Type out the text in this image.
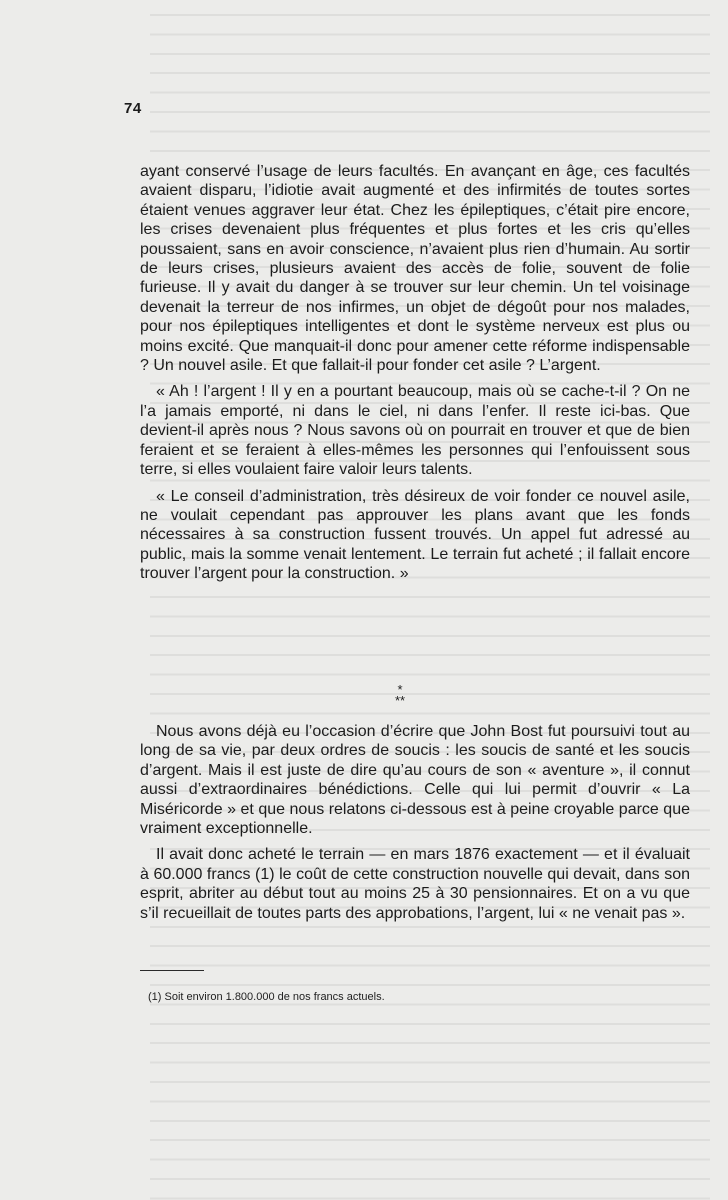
74

ayant conservé l’usage de leurs facultés. En avançant en âge, ces facultés avaient disparu, l’idiotie avait augmenté et des infirmités de toutes sortes étaient venues aggraver leur état. Chez les épileptiques, c’était pire encore, les crises devenaient plus fréquentes et plus fortes et les cris qu’elles poussaient, sans en avoir conscience, n’avaient plus rien d’humain. Au sortir de leurs crises, plusieurs avaient des accès de folie, souvent de folie furieuse. Il y avait du danger à se trouver sur leur chemin. Un tel voisinage devenait la terreur de nos infirmes, un objet de dégoût pour nos malades, pour nos épileptiques intelligentes et dont le système nerveux est plus ou moins excité. Que manquait-il donc pour amener cette réforme indispensable ? Un nouvel asile. Et que fallait-il pour fonder cet asile ? L’argent.

« Ah ! l’argent ! Il y en a pourtant beaucoup, mais où se cache-t-il ? On ne l’a jamais emporté, ni dans le ciel, ni dans l’enfer. Il reste ici-bas. Que devient-il après nous ? Nous savons où on pourrait en trouver et que de bien feraient et se feraient à elles-mêmes les personnes qui l’enfouissent sous terre, si elles voulaient faire valoir leurs talents.

« Le conseil d’administration, très désireux de voir fonder ce nouvel asile, ne voulait cependant pas approuver les plans avant que les fonds nécessaires à sa construction fussent trouvés. Un appel fut adressé au public, mais la somme venait lentement. Le terrain fut acheté ; il fallait encore trouver l’argent pour la construction. »

*
**

Nous avons déjà eu l’occasion d’écrire que John Bost fut poursuivi tout au long de sa vie, par deux ordres de soucis : les soucis de santé et les soucis d’argent. Mais il est juste de dire qu’au cours de son « aventure », il connut aussi d’extraordinaires bénédictions. Celle qui lui permit d’ouvrir « La Miséricorde » et que nous relatons ci-dessous est à peine croyable parce que vraiment exceptionnelle.

Il avait donc acheté le terrain — en mars 1876 exactement — et il évaluait à 60.000 francs (1) le coût de cette construction nouvelle qui devait, dans son esprit, abriter au début tout au moins 25 à 30 pensionnaires. Et on a vu que s’il recueillait de toutes parts des approbations, l’argent, lui « ne venait pas ».

(1) Soit environ 1.800.000 de nos francs actuels.
